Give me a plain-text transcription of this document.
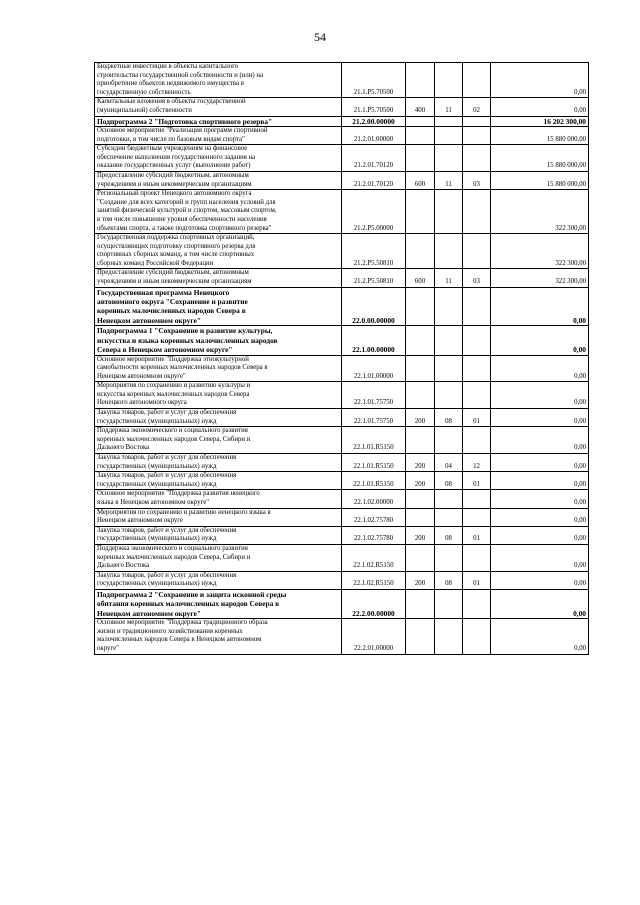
54
Бюджетные инвестиции в объекты капитального
строительства государственной собственности и (или) на
приобретение объектов недвижимого имущества в
государственную собственность	21.1.P5.70500				0,00
Капитальные вложения в объекты государственной
(муниципальной) собственности	21.1.P5.70500	400	11	02	0,00
Подпрограмма 2 "Подготовка спортивного резерва"	21.2.00.00000				16 202 300,00
Основное мероприятие "Реализация программ спортивной
подготовки, в том числе по базовым видам спорта"	21.2.01.00000				15 880 000,00
Субсидии бюджетным учреждениям на финансовое
обеспечение выполнения государственного задания на
оказание государственных услуг (выполнение работ)	21.2.01.70120				15 880 000,00
Предоставление субсидий бюджетным, автономным
учреждениям и иным некоммерческим организациям	21.2.01.70120	600	11	03	15 880 000,00
Региональный проект Ненецкого автономного округа
"Создание для всех категорий и групп населения условий для
занятий физической культурой и спортом, массовым спортом,
в том числе повышение уровня обеспеченности населения
объектами спорта, а также подготовка спортивного резерва"	21.2.P5.00000				322 300,00
Государственная поддержка спортивных организаций,
осуществляющих подготовку спортивного резерва для
спортивных сборных команд, в том числе спортивных
сборных команд Российской Федерации	21.2.P5.50810				322 300,00
Предоставление субсидий бюджетным, автономным
учреждениям и иным некоммерческим организациям	21.2.P5.50810	600	11	03	322 300,00
Государственная программа Ненецкого
автономного округа "Сохранение и развитие
коренных малочисленных народов Севера в
Ненецком автономном округе"	22.0.00.00000				0,00
Подпрограмма 1 "Сохранение и развитие культуры,
искусства и языка коренных малочисленных народов
Севера в Ненецком автономном округе"	22.1.00.00000				0,00
Основное мероприятие "Поддержка этнокультурной
самобытности коренных малочисленных народов Севера в
Ненецком автономном округе"	22.1.01.00000				0,00
Мероприятия по сохранению и развитию культуры и
искусства коренных малочисленных народов Севера
Ненецкого автономного округа	22.1.01.75750				0,00
Закупка товаров, работ и услуг для обеспечения
государственных (муниципальных) нужд	22.1.01.75750	200	08	01	0,00
Поддержка экономического и социального развития
коренных малочисленных народов Севера, Сибири и
Дальнего Востока	22.1.01.R5150				0,00
Закупка товаров, работ и услуг для обеспечения
государственных (муниципальных) нужд	22.1.01.R5150	200	04	12	0,00
Закупка товаров, работ и услуг для обеспечения
государственных (муниципальных) нужд	22.1.01.R5150	200	08	01	0,00
Основное мероприятие "Поддержка развития ненецкого
языка в Ненецком автономном округе"	22.1.02.00000				0,00
Мероприятия по сохранению и развитию ненецкого языка в
Ненецком автономном округе	22.1.02.75780				0,00
Закупка товаров, работ и услуг для обеспечения
государственных (муниципальных) нужд	22.1.02.75780	200	08	01	0,00
Поддержка экономического и социального развития
коренных малочисленных народов Севера, Сибири и
Дальнего Востока	22.1.02.R5150				0,00
Закупка товаров, работ и услуг для обеспечения
государственных (муниципальных) нужд	22.1.02.R5150	200	08	01	0,00
Подпрограмма 2 "Сохранение и защита исконной среды
обитания коренных малочисленных народов Севера в
Ненецком автономном округе"	22.2.00.00000				0,00
Основное мероприятие "Поддержка традиционного образа
жизни и традиционного хозяйствования коренных
малочисленных народов Севера в Ненецком автономном
округе"	22.2.01.00000				0,00
